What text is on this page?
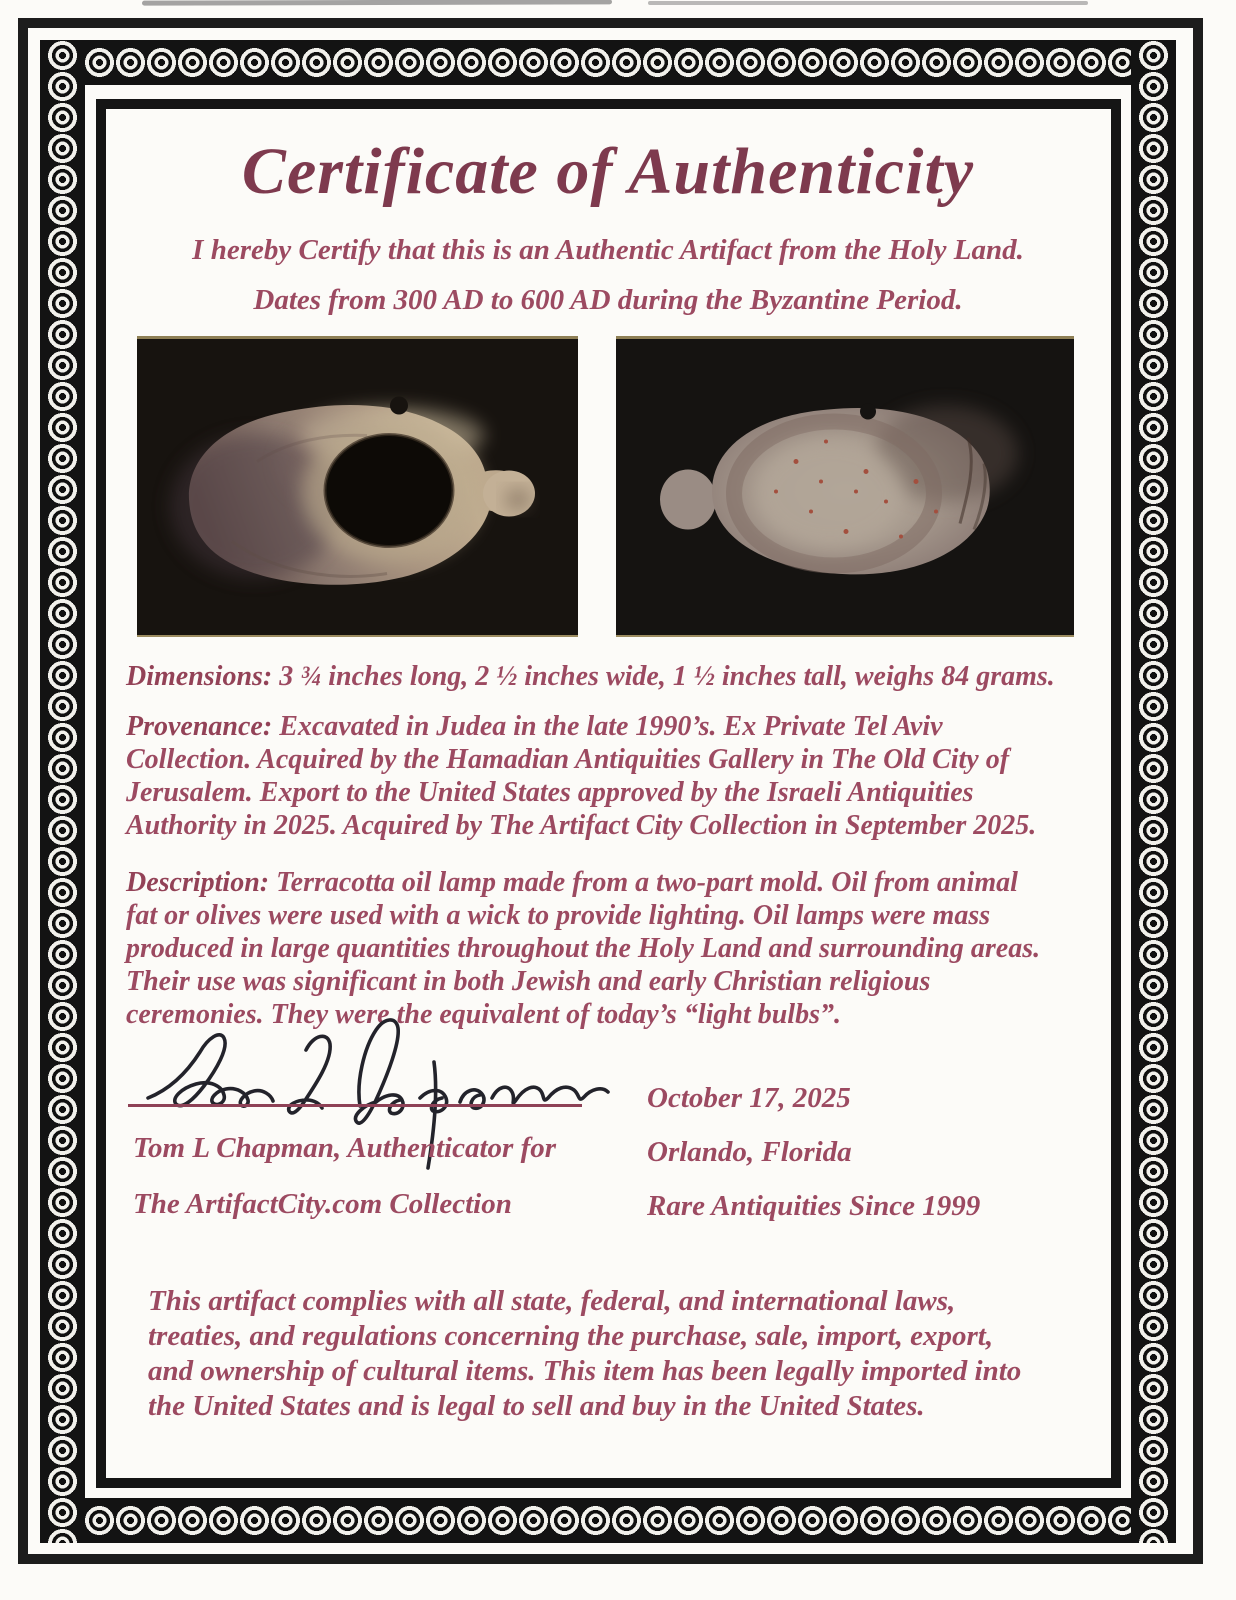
Certificate of Authenticity
I hereby Certify that this is an Authentic Artifact from the Holy Land.
Dates from 300 AD to 600 AD during the Byzantine Period.
Dimensions: 3 ¾ inches long, 2 ½ inches wide, 1 ½ inches tall, weighs 84 grams.
Provenance: Excavated in Judea in the late 1990’s. Ex Private Tel Aviv
Collection. Acquired by the Hamadian Antiquities Gallery in The Old City of
Jerusalem. Export to the United States approved by the Israeli Antiquities
Authority in 2025. Acquired by The Artifact City Collection in September 2025.
Description: Terracotta oil lamp made from a two-part mold. Oil from animal
fat or olives were used with a wick to provide lighting. Oil lamps were mass
produced in large quantities throughout the Holy Land and surrounding areas.
Their use was significant in both Jewish and early Christian religious
ceremonies. They were the equivalent of today’s “light bulbs”.
Tom L Chapman, Authenticator for
The ArtifactCity.com Collection
October 17, 2025
Orlando, Florida
Rare Antiquities Since 1999
This artifact complies with all state, federal, and international laws,
treaties, and regulations concerning the purchase, sale, import, export,
and ownership of cultural items. This item has been legally imported into
the United States and is legal to sell and buy in the United States.
